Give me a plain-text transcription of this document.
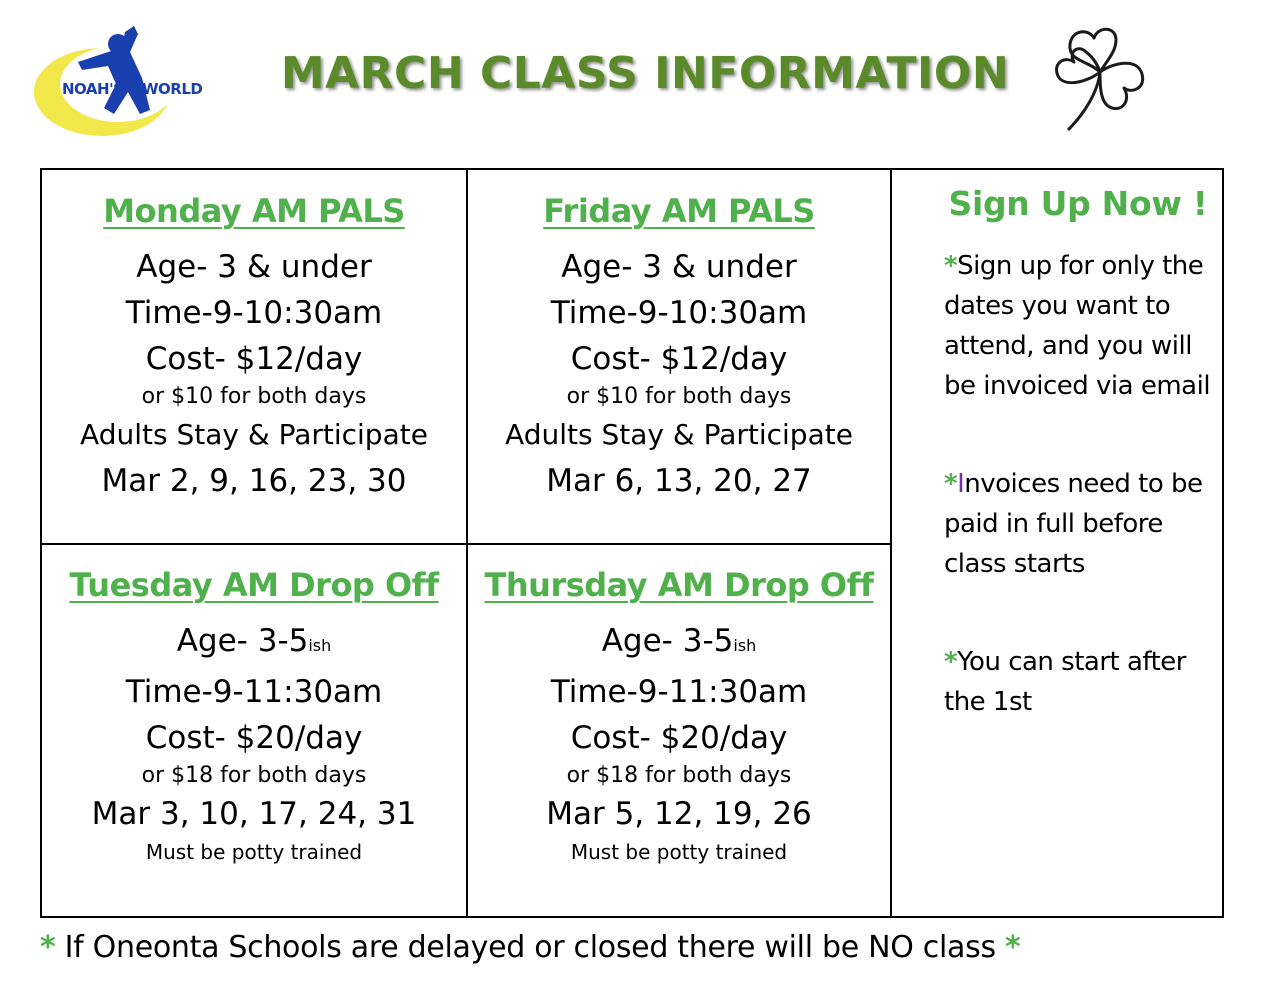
NOAH'S WORLD	MARCH CLASS INFORMATION
Monday AM PALS
Age- 3 & under
Time-9-10:30am
Cost- $12/day
or $10 for both days
Adults Stay & Participate
Mar 2, 9, 16, 23, 30
Friday AM PALS
Age- 3 & under
Time-9-10:30am
Cost- $12/day
or $10 for both days
Adults Stay & Participate
Mar 6, 13, 20, 27
Tuesday AM Drop Off
Age- 3-5ish
Time-9-11:30am
Cost- $20/day
or $18 for both days
Mar 3, 10, 17, 24, 31
Must be potty trained
Thursday AM Drop Off
Age- 3-5ish
Time-9-11:30am
Cost- $20/day
or $18 for both days
Mar 5, 12, 19, 26
Must be potty trained
Sign Up Now !
*Sign up for only the
dates you want to
attend, and you will
be invoiced via email
*Invoices need to be
paid in full before
class starts
*You can start after
the 1st
* If Oneonta Schools are delayed or closed there will be NO class *
